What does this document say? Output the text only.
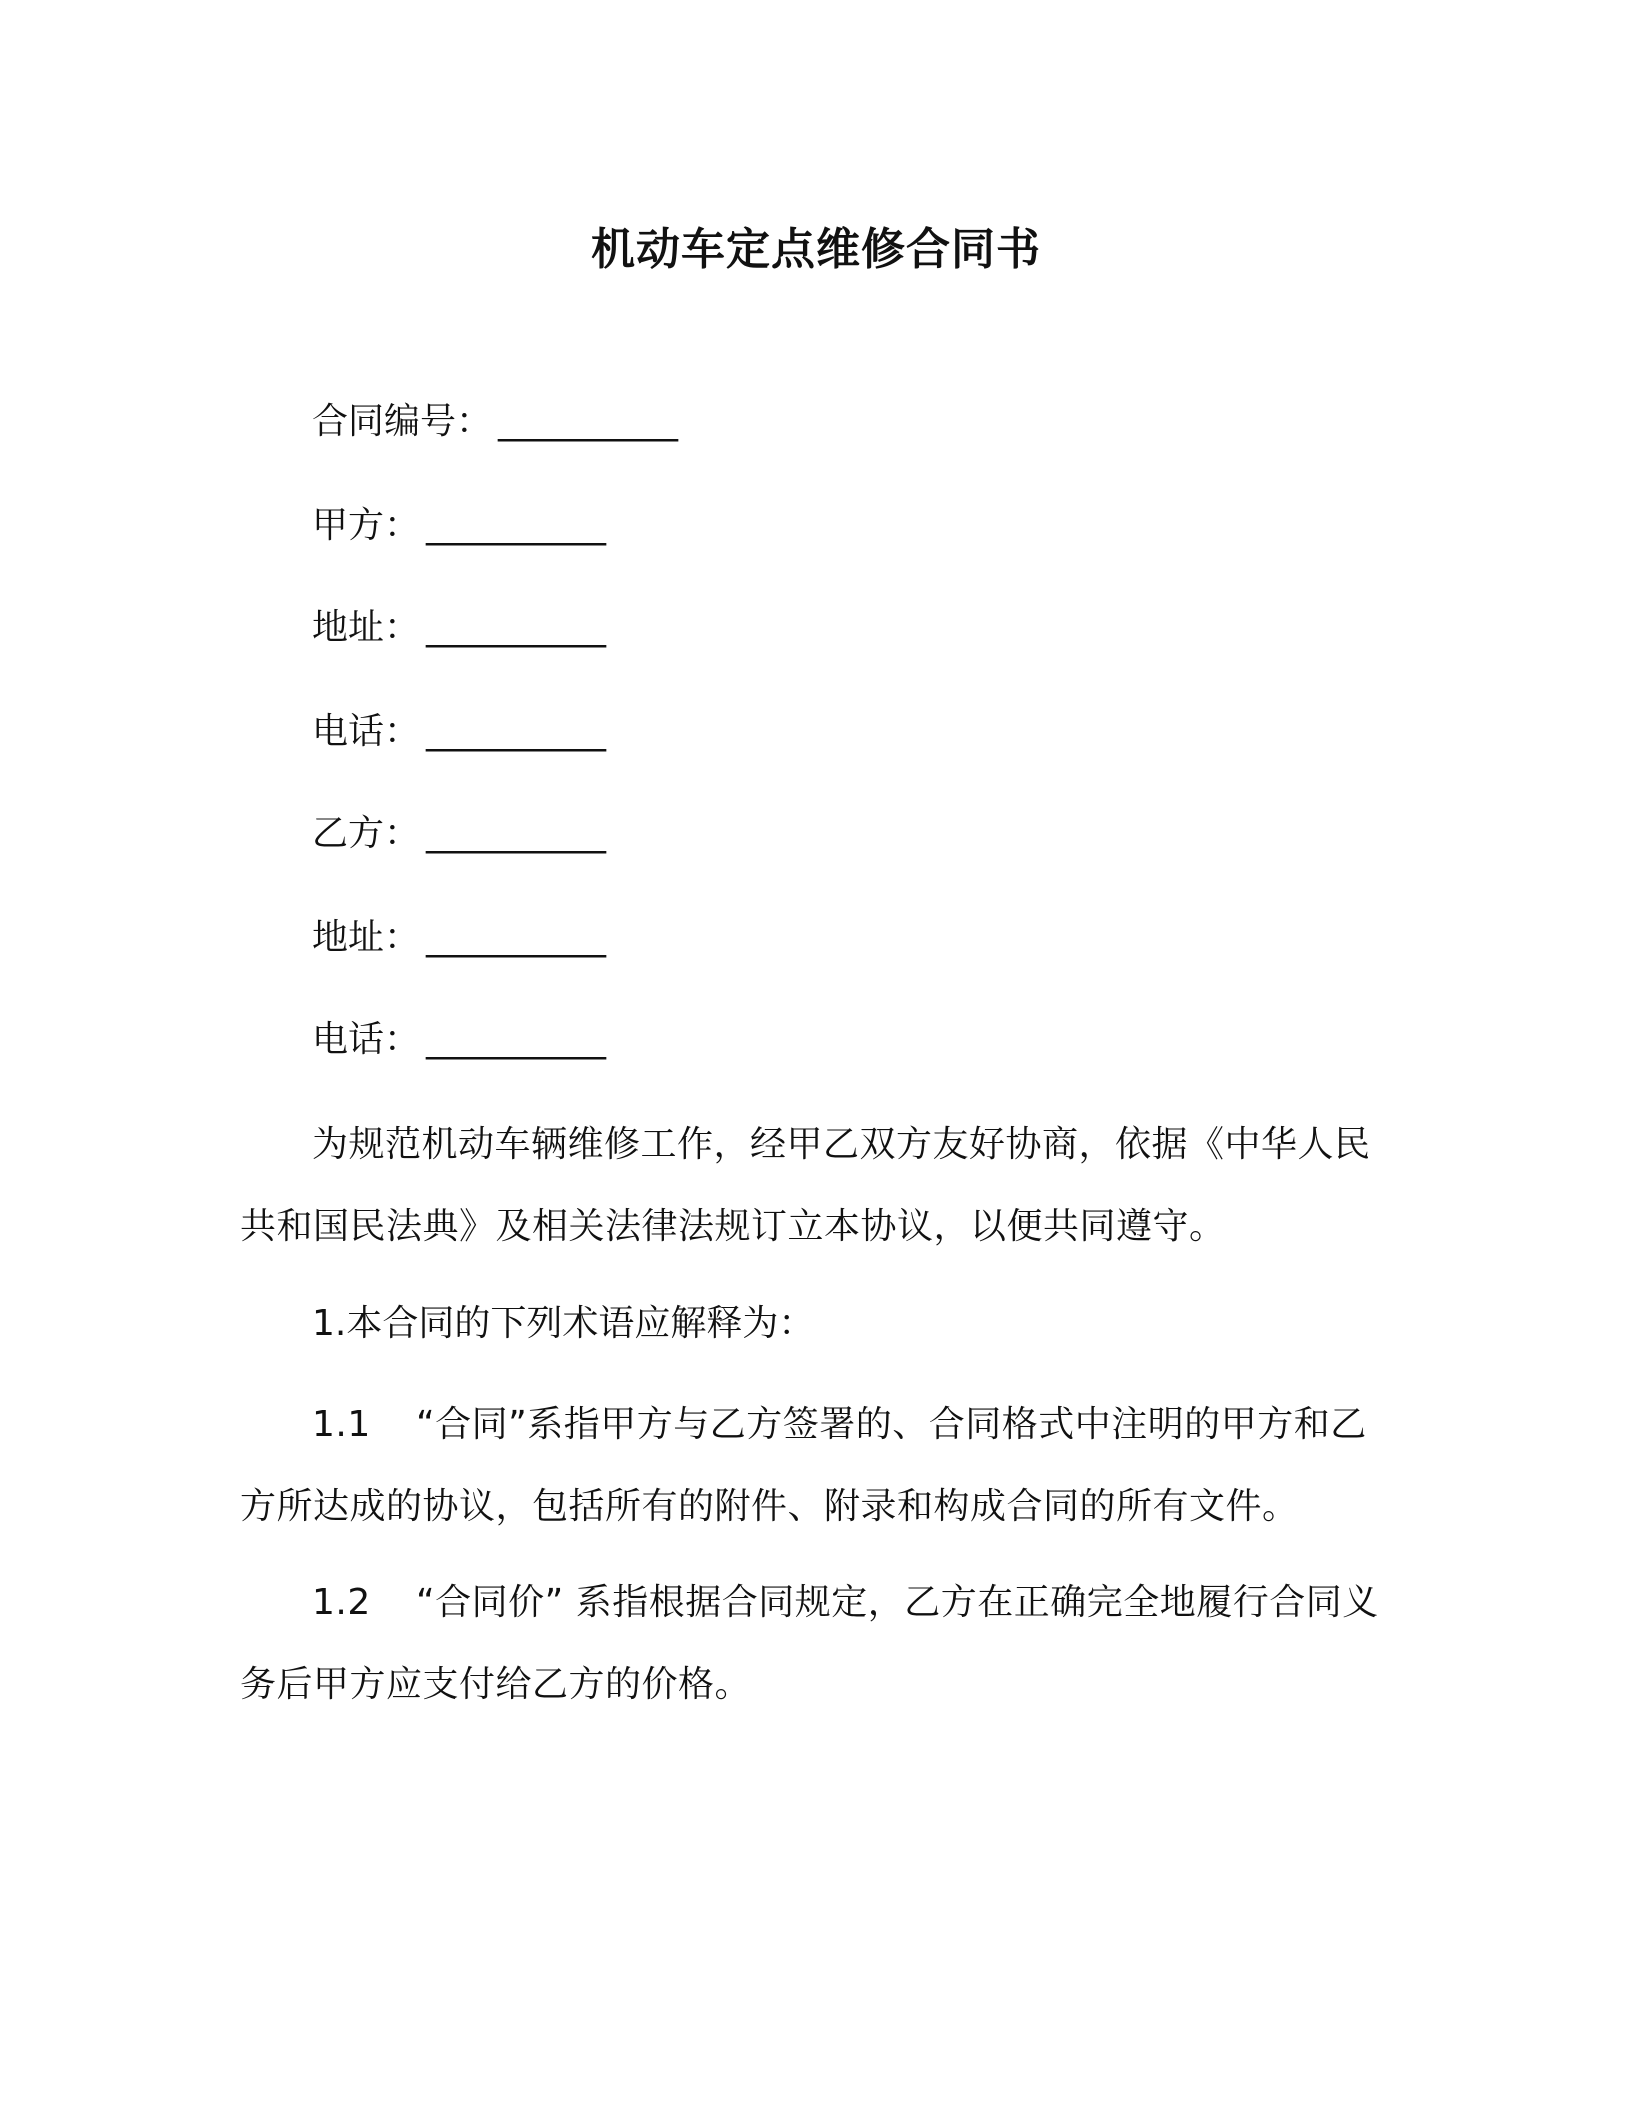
机动车定点维修合同书
合同编号： __________
甲方： __________
地址： __________
电话： __________
乙方： __________
地址： __________
电话： __________
为规范机动车辆维修工作，经甲乙双方友好协商，依据《中华人民共和国民法典》及相关法律法规订立本协议，以便共同遵守。
1.本合同的下列术语应解释为：
1.1 “合同”系指甲方与乙方签署的、合同格式中注明的甲方和乙方所达成的协议，包括所有的附件、附录和构成合同的所有文件。
1.2 “合同价” 系指根据合同规定，乙方在正确完全地履行合同义务后甲方应支付给乙方的价格。
